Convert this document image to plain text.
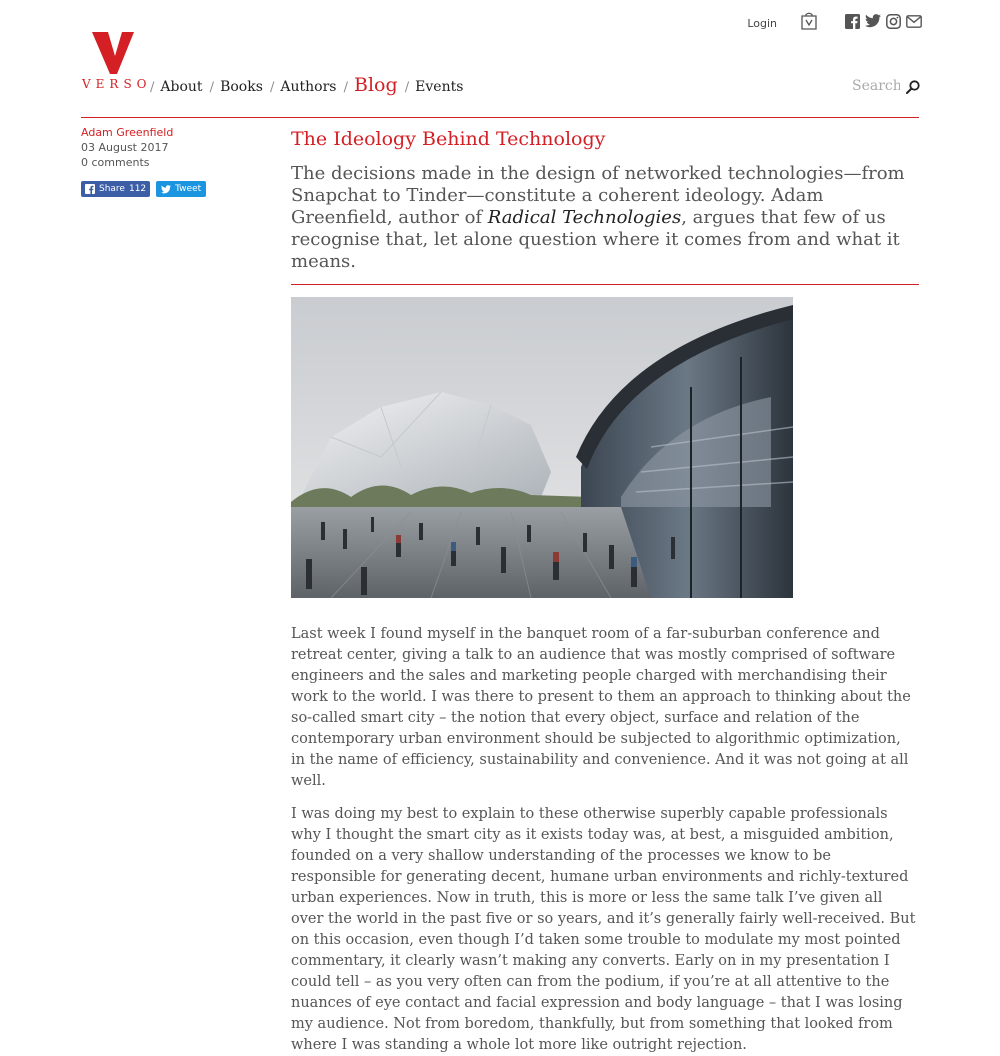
Login
VERSO
/ About / Books / Authors / Blog / Events
Search
Adam Greenfield
03 August 2017
0 comments
Share 112	Tweet
The Ideology Behind Technology

The decisions made in the design of networked technologies—from Snapchat to Tinder—constitute a coherent ideology. Adam Greenfield, author of Radical Technologies, argues that few of us recognise that, let alone question where it comes from and what it means.

Last week I found myself in the banquet room of a far-suburban conference and retreat center, giving a talk to an audience that was mostly comprised of software engineers and the sales and marketing people charged with merchandising their work to the world. I was there to present to them an approach to thinking about the so-called smart city – the notion that every object, surface and relation of the contemporary urban environment should be subjected to algorithmic optimization, in the name of efficiency, sustainability and convenience. And it was not going at all well.

I was doing my best to explain to these otherwise superbly capable professionals why I thought the smart city as it exists today was, at best, a misguided ambition, founded on a very shallow understanding of the processes we know to be responsible for generating decent, humane urban environments and richly-textured urban experiences. Now in truth, this is more or less the same talk I’ve given all over the world in the past five or so years, and it’s generally fairly well-received. But on this occasion, even though I’d taken some trouble to modulate my most pointed commentary, it clearly wasn’t making any converts. Early on in my presentation I could tell – as you very often can from the podium, if you’re at all attentive to the nuances of eye contact and facial expression and body language – that I was losing my audience. Not from boredom, thankfully, but from something that looked from where I was standing a whole lot more like outright rejection.
